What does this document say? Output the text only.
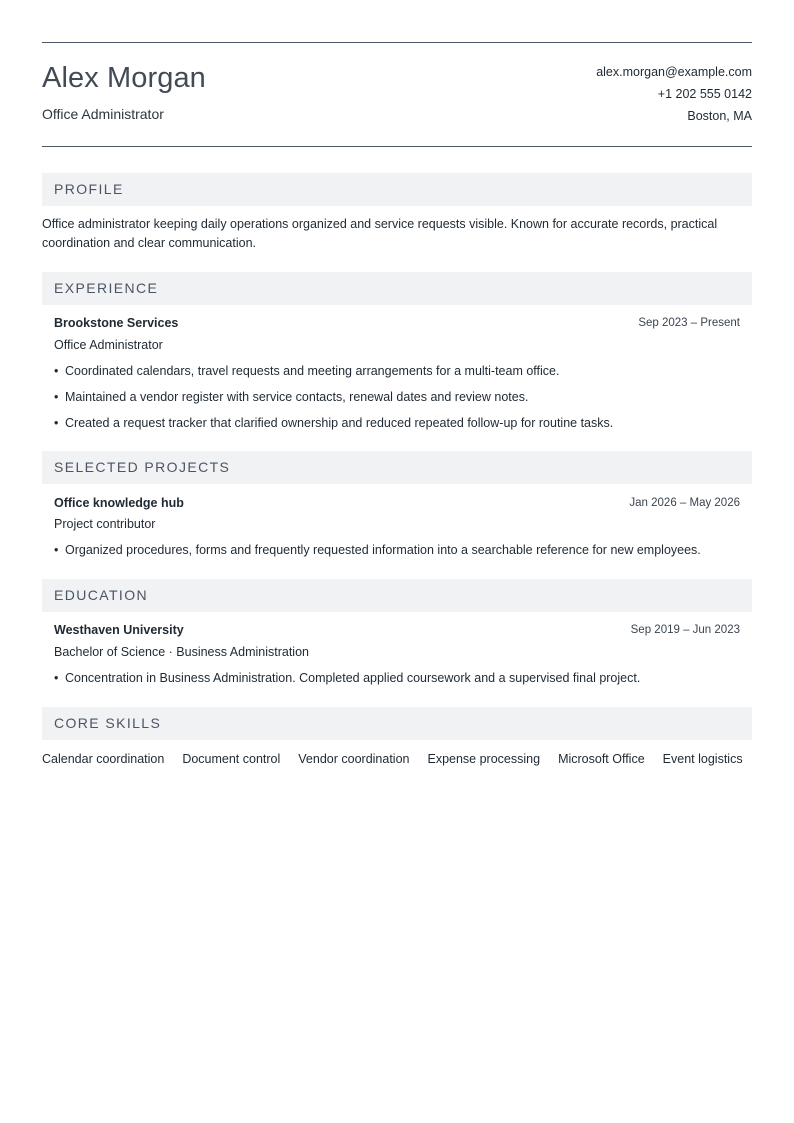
Alex Morgan
Office Administrator
alex.morgan@example.com
+1 202 555 0142
Boston, MA
PROFILE
Office administrator keeping daily operations organized and service requests visible. Known for accurate records, practical coordination and clear communication.
EXPERIENCE
Brookstone Services	Sep 2023 – Present
Office Administrator
• Coordinated calendars, travel requests and meeting arrangements for a multi-team office.
• Maintained a vendor register with service contacts, renewal dates and review notes.
• Created a request tracker that clarified ownership and reduced repeated follow-up for routine tasks.
SELECTED PROJECTS
Office knowledge hub	Jan 2026 – May 2026
Project contributor
• Organized procedures, forms and frequently requested information into a searchable reference for new employees.
EDUCATION
Westhaven University	Sep 2019 – Jun 2023
Bachelor of Science · Business Administration
• Concentration in Business Administration. Completed applied coursework and a supervised final project.
CORE SKILLS
Calendar coordination Document control Vendor coordination Expense processing Microsoft Office Event logistics
